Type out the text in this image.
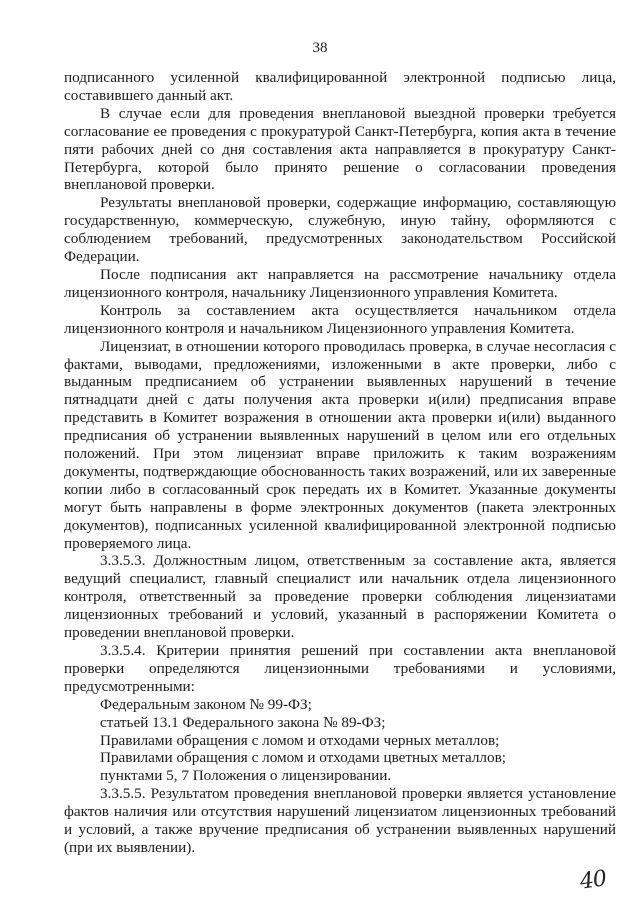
38

подписанного усиленной квалифицированной электронной подписью лица, составившего данный акт.

В случае если для проведения внеплановой выездной проверки требуется согласование ее проведения с прокуратурой Санкт-Петербурга, копия акта в течение пяти рабочих дней со дня составления акта направляется в прокуратуру Санкт-Петербурга, которой было принято решение о согласовании проведения внеплановой проверки.

Результаты внеплановой проверки, содержащие информацию, составляющую государственную, коммерческую, служебную, иную тайну, оформляются с соблюдением требований, предусмотренных законодательством Российской Федерации.

После подписания акт направляется на рассмотрение начальнику отдела лицензионного контроля, начальнику Лицензионного управления Комитета.

Контроль за составлением акта осуществляется начальником отдела лицензионного контроля и начальником Лицензионного управления Комитета.

Лицензиат, в отношении которого проводилась проверка, в случае несогласия с фактами, выводами, предложениями, изложенными в акте проверки, либо с выданным предписанием об устранении выявленных нарушений в течение пятнадцати дней с даты получения акта проверки и(или) предписания вправе представить в Комитет возражения в отношении акта проверки и(или) выданного предписания об устранении выявленных нарушений в целом или его отдельных положений. При этом лицензиат вправе приложить к таким возражениям документы, подтверждающие обоснованность таких возражений, или их заверенные копии либо в согласованный срок передать их в Комитет. Указанные документы могут быть направлены в форме электронных документов (пакета электронных документов), подписанных усиленной квалифицированной электронной подписью проверяемого лица.

3.3.5.3. Должностным лицом, ответственным за составление акта, является ведущий специалист, главный специалист или начальник отдела лицензионного контроля, ответственный за проведение проверки соблюдения лицензиатами лицензионных требований и условий, указанный в распоряжении Комитета о проведении внеплановой проверки.

3.3.5.4. Критерии принятия решений при составлении акта внеплановой проверки определяются лицензионными требованиями и условиями, предусмотренными:

Федеральным законом № 99-ФЗ;

статьей 13.1 Федерального закона № 89-ФЗ;

Правилами обращения с ломом и отходами черных металлов;

Правилами обращения с ломом и отходами цветных металлов;

пунктами 5, 7 Положения о лицензировании.

3.3.5.5. Результатом проведения внеплановой проверки является установление фактов наличия или отсутствия нарушений лицензиатом лицензионных требований и условий, а также вручение предписания об устранении выявленных нарушений (при их выявлении).

40
